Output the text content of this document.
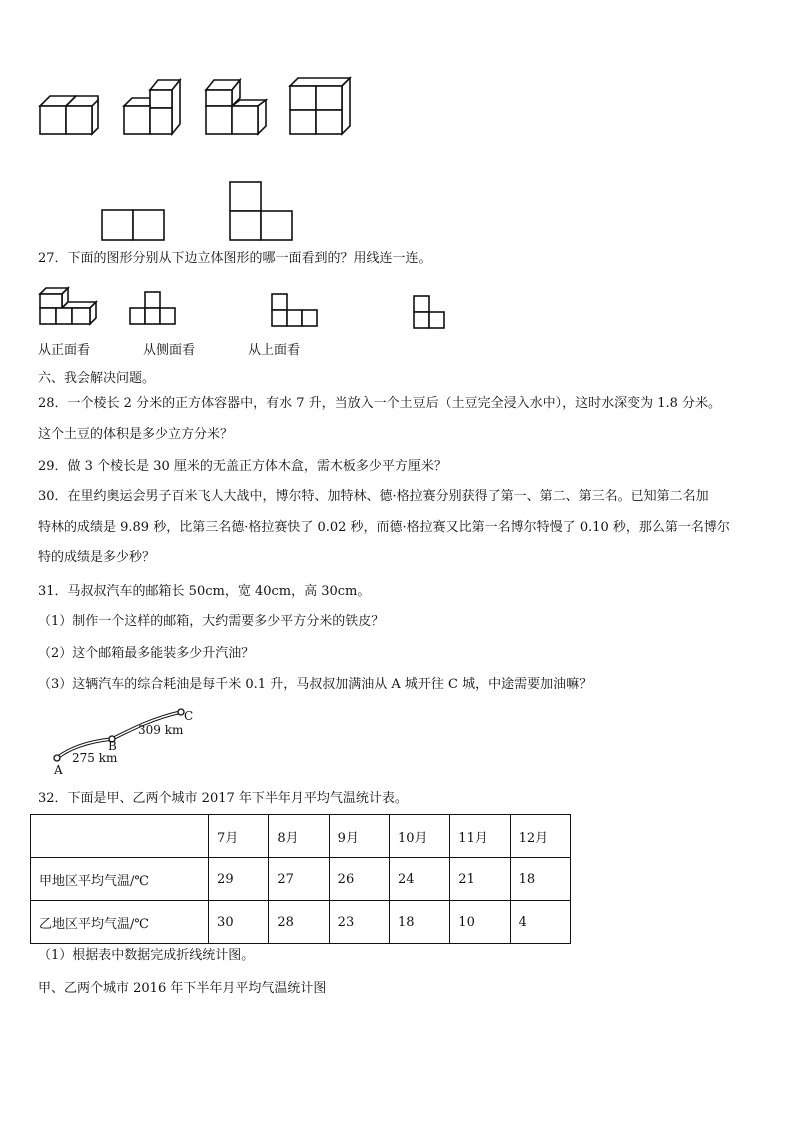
27．下面的图形分别从下边立体图形的哪一面看到的？用线连一连。
从正面看	从侧面看	从上面看
六、我会解决问题。
28．一个棱长 2 分米的正方体容器中，有水 7 升，当放入一个土豆后（土豆完全浸入水中），这时水深变为 1.8 分米。
这个土豆的体积是多少立方分米？
29．做 3 个棱长是 30 厘米的无盖正方体木盒，需木板多少平方厘米？
30．在里约奥运会男子百米飞人大战中，博尔特、加特林、德·格拉赛分别获得了第一、第二、第三名。已知第二名加
特林的成绩是 9.89 秒，比第三名德·格拉赛快了 0.02 秒，而德·格拉赛又比第一名博尔特慢了 0.10 秒，那么第一名博尔
特的成绩是多少秒？
31．马叔叔汽车的邮箱长 50cm，宽 40cm，高 30cm。
（1）制作一个这样的邮箱，大约需要多少平方分米的铁皮？
（2）这个邮箱最多能装多少升汽油？
（3）这辆汽车的综合耗油是每千米 0.1 升，马叔叔加满油从 A 城开往 C 城，中途需要加油嘛？
A
B
C
275 km
309 km
32．下面是甲、乙两个城市 2017 年下半年月平均气温统计表。
	7月	8月	9月	10月	11月	12月
甲地区平均气温/℃	29	27	26	24	21	18
乙地区平均气温/℃	30	28	23	18	10	4
（1）根据表中数据完成折线统计图。
甲、乙两个城市 2016 年下半年月平均气温统计图
